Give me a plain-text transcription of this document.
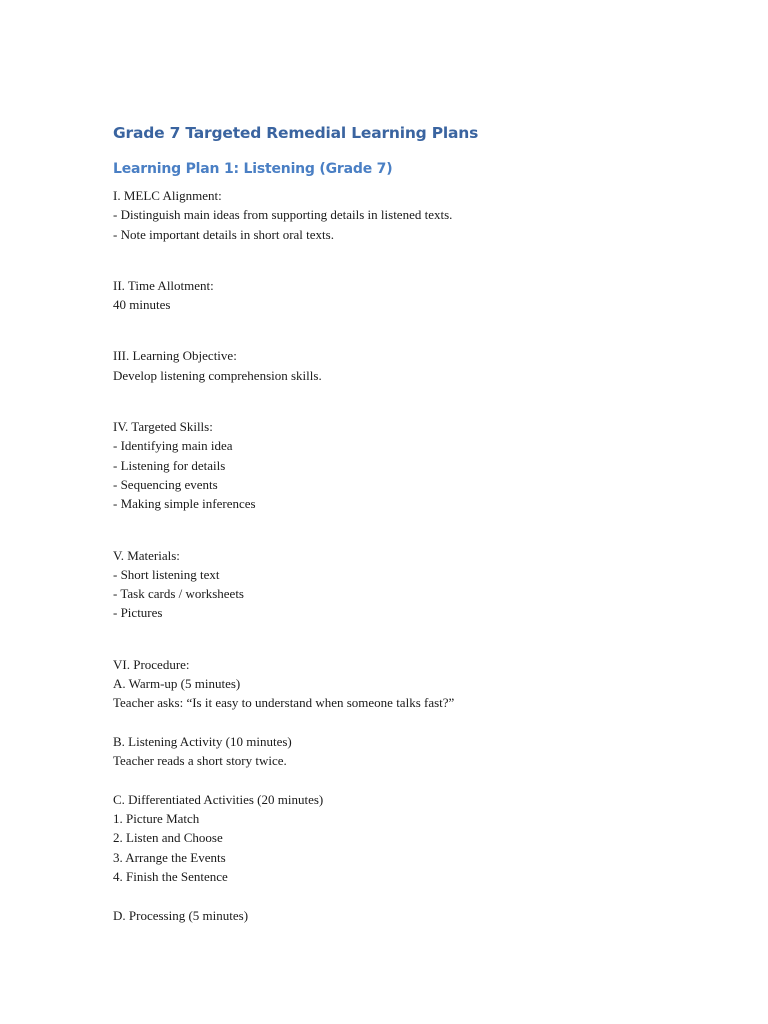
Grade 7 Targeted Remedial Learning Plans
Learning Plan 1: Listening (Grade 7)
I. MELC Alignment:
- Distinguish main ideas from supporting details in listened texts.
- Note important details in short oral texts.
II. Time Allotment:
40 minutes
III. Learning Objective:
Develop listening comprehension skills.
IV. Targeted Skills:
- Identifying main idea
- Listening for details
- Sequencing events
- Making simple inferences
V. Materials:
- Short listening text
- Task cards / worksheets
- Pictures
VI. Procedure:
A. Warm-up (5 minutes)
Teacher asks: “Is it easy to understand when someone talks fast?”
B. Listening Activity (10 minutes)
Teacher reads a short story twice.
C. Differentiated Activities (20 minutes)
1. Picture Match
2. Listen and Choose
3. Arrange the Events
4. Finish the Sentence
D. Processing (5 minutes)
